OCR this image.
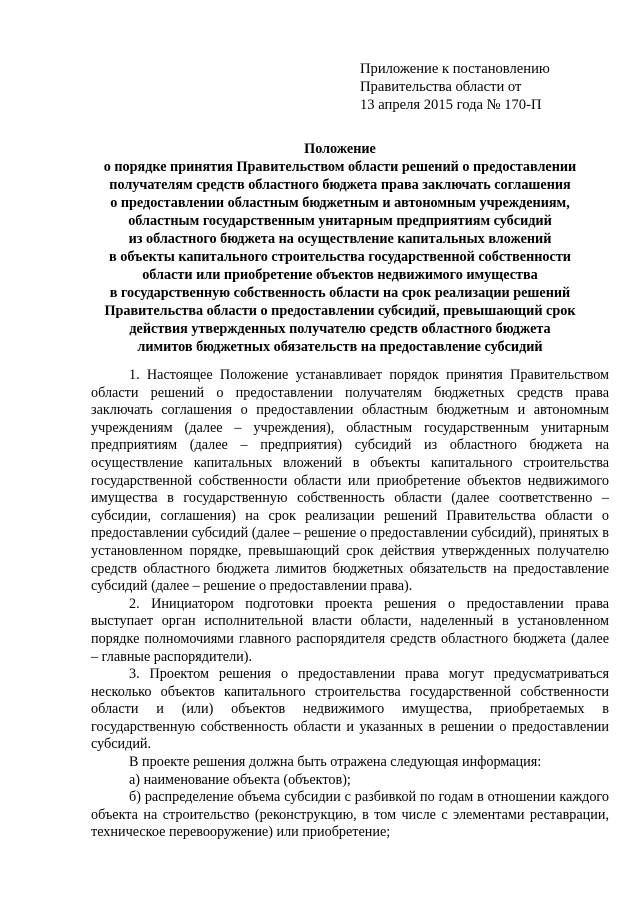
Приложение к постановлению
Правительства области от
13 апреля 2015 года № 170-П
Положение
о порядке принятия Правительством области решений о предоставлении
получателям средств областного бюджета права заключать соглашения
о предоставлении областным бюджетным и автономным учреждениям,
областным государственным унитарным предприятиям субсидий
из областного бюджета на осуществление капитальных вложений
в объекты капитального строительства государственной собственности
области или приобретение объектов недвижимого имущества
в государственную собственность области на срок реализации решений
Правительства области о предоставлении субсидий, превышающий срок
действия утвержденных получателю средств областного бюджета
лимитов бюджетных обязательств на предоставление субсидий

1. Настоящее Положение устанавливает порядок принятия Правительством области решений о предоставлении получателям бюджетных средств права заключать соглашения о предоставлении областным бюджетным и автономным учреждениям (далее – учреждения), областным государственным унитарным предприятиям (далее – предприятия) субсидий из областного бюджета на осуществление капитальных вложений в объекты капитального строительства государственной собственности области или приобретение объектов недвижимого имущества в государственную собственность области (далее соответственно – субсидии, соглашения) на срок реализации решений Правительства области о предоставлении субсидий (далее – решение о предоставлении субсидий), принятых в установленном порядке, превышающий срок действия утвержденных получателю средств областного бюджета лимитов бюджетных обязательств на предоставление субсидий (далее – решение о предоставлении права).

2. Инициатором подготовки проекта решения о предоставлении права выступает орган исполнительной власти области, наделенный в установленном порядке полномочиями главного распорядителя средств областного бюджета (далее – главные распорядители).

3. Проектом решения о предоставлении права могут предусматриваться несколько объектов капитального строительства государственной собственности области и (или) объектов недвижимого имущества, приобретаемых в государственную собственность области и указанных в решении о предоставлении субсидий.

В проекте решения должна быть отражена следующая информация:

а) наименование объекта (объектов);

б) распределение объема субсидии с разбивкой по годам в отношении каждого объекта на строительство (реконструкцию, в том числе с элементами реставрации, техническое перевооружение) или приобретение;
